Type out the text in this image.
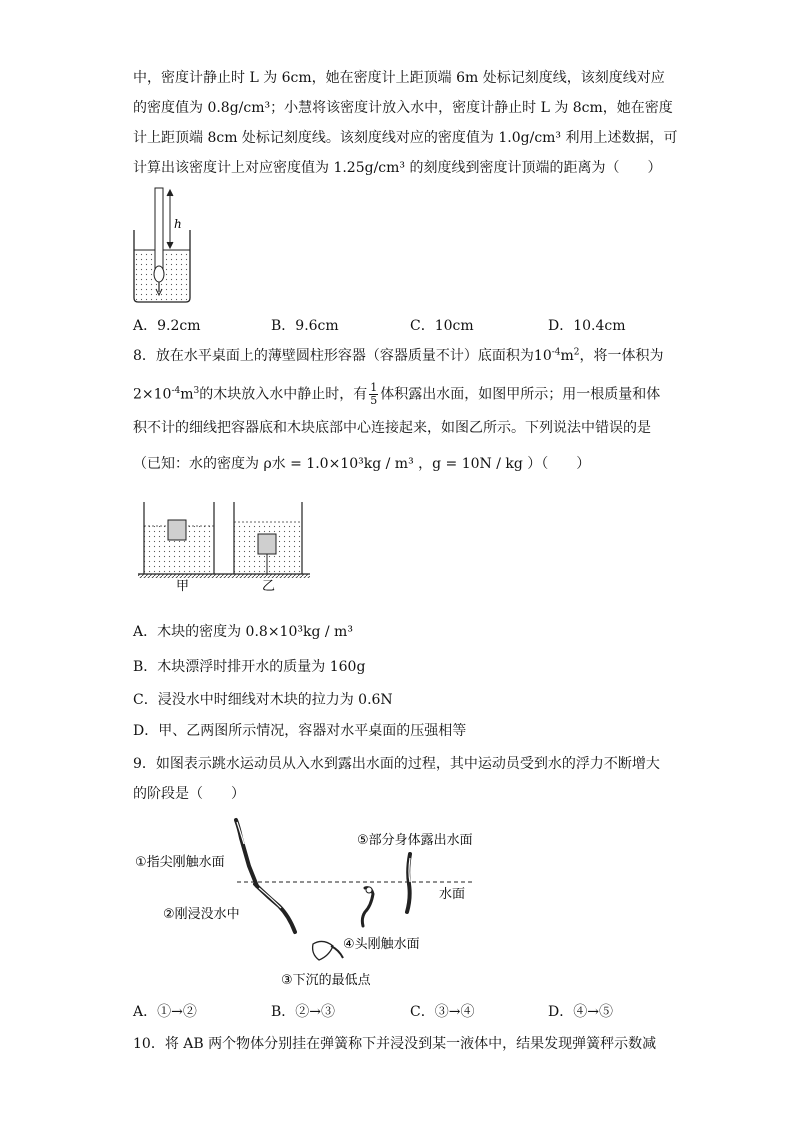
中，密度计静止时 L 为 6cm，她在密度计上距顶端 6m 处标记刻度线，该刻度线对应
的密度值为 0.8g/cm³；小慧将该密度计放入水中，密度计静止时 L 为 8cm，她在密度
计上距顶端 8cm 处标记刻度线。该刻度线对应的密度值为 1.0g/cm³ 利用上述数据，可
计算出该密度计上对应密度值为 1.25g/cm³ 的刻度线到密度计顶端的距离为（　　）
h
A．9.2cm	B．9.6cm	C．10cm	D．10.4cm
8．放在水平桌面上的薄壁圆柱形容器（容器质量不计）底面积为$10^{-4}m^2$，将一体积为
$2\times 10^{-4}m^3$的木块放入水中静止时，有 $\frac{1}{5}$ 体积露出水面，如图甲所示；用一根质量和体
积不计的细线把容器底和木块底部中心连接起来，如图乙所示。下列说法中错误的是
（已知：水的密度为 ρ水 = 1.0×10³kg / m³ ，g = 10N / kg ）（　　）
甲	乙
A．木块的密度为 0.8×10³kg / m³
B．木块漂浮时排开水的质量为 160g
C．浸没水中时细线对木块的拉力为 0.6N
D．甲、乙两图所示情况，容器对水平桌面的压强相等
9．如图表示跳水运动员从入水到露出水面的过程，其中运动员受到水的浮力不断增大
的阶段是（　　）
①指尖刚触水面
②刚浸没水中
③下沉的最低点
④头刚触水面
⑤部分身体露出水面
水面
A．①→②	B．②→③	C．③→④	D．④→⑤
10．将 AB 两个物体分别挂在弹簧称下并浸没到某一液体中，结果发现弹簧秤示数减
